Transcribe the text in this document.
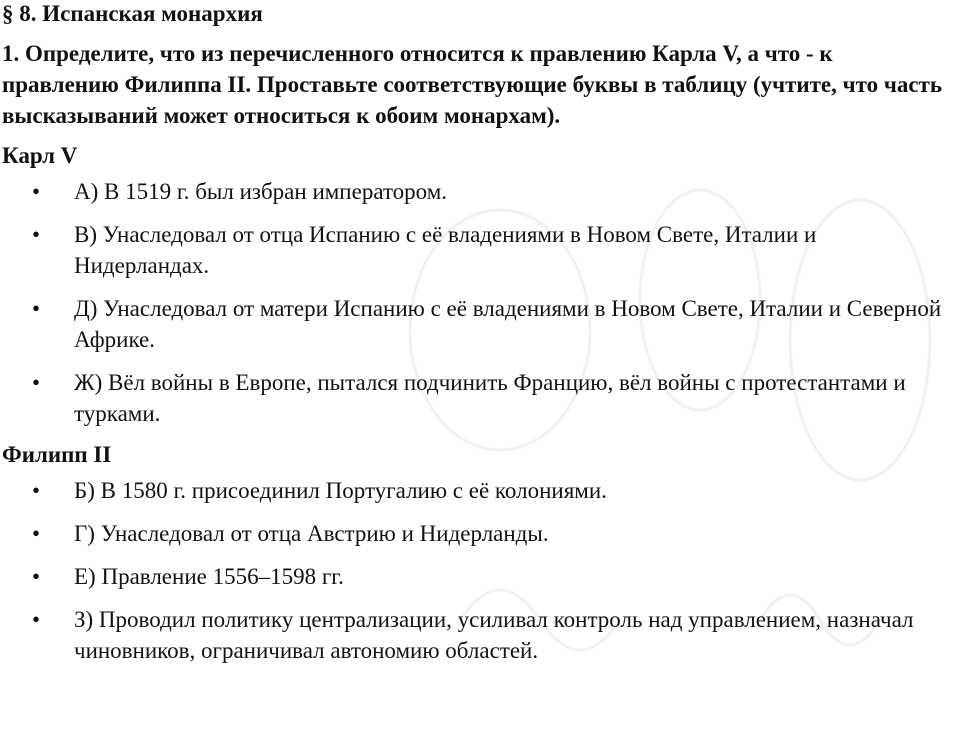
§ 8. Испанская монархия

1. Определите, что из перечисленного относится к правлению Карла V, а что - к правлению Филиппа II. Проставьте соответствующие буквы в таблицу (учтите, что часть высказываний может относиться к обоим монархам).

Карл V
• А) В 1519 г. был избран императором.
• В) Унаследовал от отца Испанию с её владениями в Новом Свете, Италии и Нидерландах.
• Д) Унаследовал от матери Испанию с её владениями в Новом Свете, Италии и Северной Африке.
• Ж) Вёл войны в Европе, пытался подчинить Францию, вёл войны с протестантами и турками.
Филипп II
• Б) В 1580 г. присоединил Португалию с её колониями.
• Г) Унаследовал от отца Австрию и Нидерланды.
• Е) Правление 1556–1598 гг.
• З) Проводил политику централизации, усиливал контроль над управлением, назначал чиновников, ограничивал автономию областей.
